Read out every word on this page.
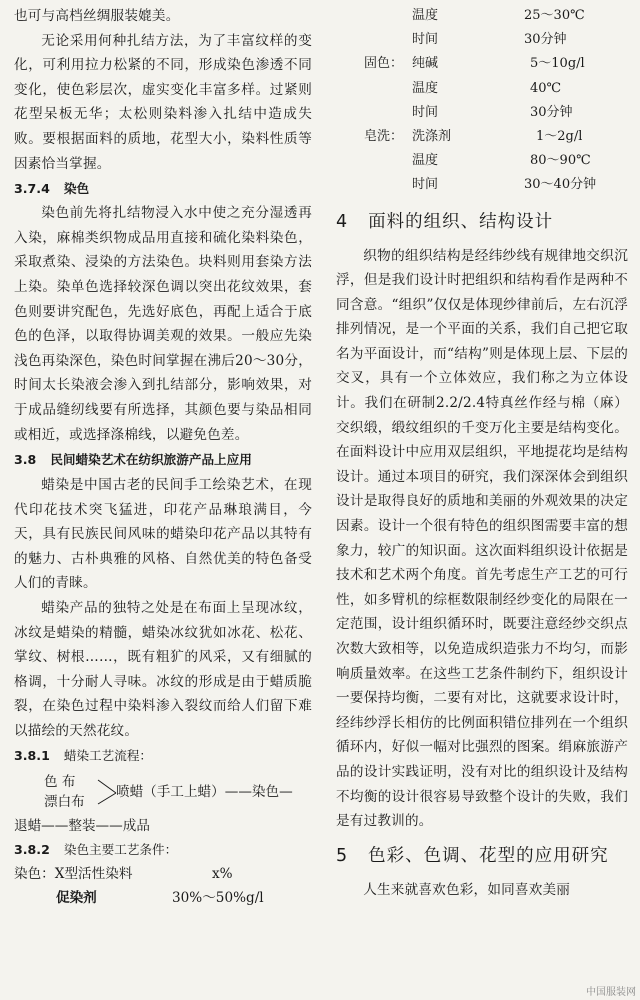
也可与高档丝绸服装媲美。

无论采用何种扎结方法，为了丰富纹样的变化，可利用拉力松紧的不同，形成染色渗透不同变化，使色彩层次，虚实变化丰富多样。过紧则花型呆板无华；太松则染料渗入扎结中造成失败。要根据面料的质地，花型大小，染料性质等因素恰当掌握。

3.7.4 染色

染色前先将扎结物浸入水中使之充分湿透再入染，麻棉类织物成品用直接和硫化染料染色，采取煮染、浸染的方法染色。块料则用套染方法上染。染单色选择较深色调以突出花纹效果，套色则要讲究配色，先选好底色，再配上适合于底色的色泽，以取得协调美观的效果。一般应先染浅色再染深色，染色时间掌握在沸后20～30分，时间太长染液会渗入到扎结部分，影响效果，对于成品缝纫线要有所选择，其颜色要与染品相同或相近，或选择涤棉线，以避免色差。

3.8 民间蜡染艺术在纺织旅游产品上应用

蜡染是中国古老的民间手工绘染艺术，在现代印花技术突飞猛进，印花产品琳琅满目，今天，具有民族民间风味的蜡染印花产品以其特有的魅力、古朴典雅的风格、自然优美的特色备受人们的青睐。

蜡染产品的独特之处是在布面上呈现冰纹，冰纹是蜡染的精髓，蜡染冰纹犹如冰花、松花、掌纹、树根……，既有粗犷的风采，又有细腻的格调，十分耐人寻味。冰纹的形成是由于蜡质脆裂，在染色过程中染料渗入裂纹而给人们留下难以描绘的天然花纹。

3.8.1 蜡染工艺流程：
色 布
漂白布
喷蜡（手工上蜡）——染色—
退蜡——整装——成品
3.8.2 染色主要工艺条件：
染色：X型活性染料	x%
促染剂	30%～50%g/l
温度	25～30℃
时间	30分钟
固色： 纯碱	5～10g/l
温度	40℃
时间	30分钟
皂洗： 洗涤剂	1～2g/l
温度	80～90℃
时间	30～40分钟
4 面料的组织、结构设计

织物的组织结构是经纬纱线有规律地交织沉浮，但是我们设计时把组织和结构看作是两种不同含意。“组织”仅仅是体现纱律前后，左右沉浮排列情况，是一个平面的关系，我们自己把它取名为平面设计，而“结构”则是体现上层、下层的交叉，具有一个立体效应，我们称之为立体设计。我们在研制2.2/2.4特真丝作经与棉（麻）交织缎，缎纹组织的千变万化主要是结构变化。在面料设计中应用双层组织，平地提花均是结构设计。通过本项目的研究，我们深深体会到组织设计是取得良好的质地和美丽的外观效果的决定因素。设计一个很有特色的组织图需要丰富的想象力，较广的知识面。这次面料组织设计依据是技术和艺术两个角度。首先考虑生产工艺的可行性，如多臂机的综框数限制经纱变化的局限在一定范围，设计组织循环时，既要注意经纱交织点次数大致相等，以免造成织造张力不均匀，而影响质量效率。在这些工艺条件制约下，组织设计一要保持均衡，二要有对比，这就要求设计时，经纬纱浮长相仿的比例面积错位排列在一个组织循环内，好似一幅对比强烈的图案。绢麻旅游产品的设计实践证明，没有对比的组织设计及结构不均衡的设计很容易导致整个设计的失败，我们是有过教训的。

5 色彩、色调、花型的应用研究

人生来就喜欢色彩，如同喜欢美丽

中国服装网
